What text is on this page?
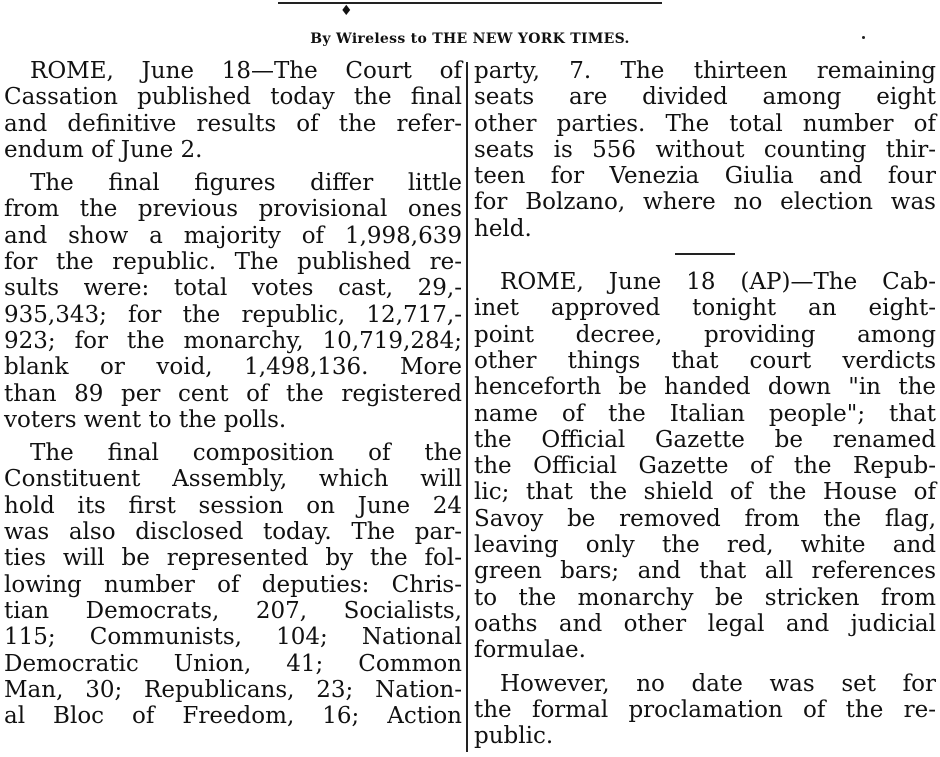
♦
By Wireless to THE NEW YORK TIMES.
ROME, June 18—The Court of
Cassation published today the final
and definitive results of the refer-
endum of June 2.
The final figures differ little
from the previous provisional ones
and show a majority of 1,998,639
for the republic. The published re-
sults were: total votes cast, 29,-
935,343; for the republic, 12,717,-
923; for the monarchy, 10,719,284;
blank or void, 1,498,136. More
than 89 per cent of the registered
voters went to the polls.
The final composition of the
Constituent Assembly, which will
hold its first session on June 24
was also disclosed today. The par-
ties will be represented by the fol-
lowing number of deputies: Chris-
tian Democrats, 207, Socialists,
115; Communists, 104; National
Democratic Union, 41; Common
Man, 30; Republicans, 23; Nation-
al Bloc of Freedom, 16; Action
party, 7. The thirteen remaining
seats are divided among eight
other parties. The total number of
seats is 556 without counting thir-
teen for Venezia Giulia and four
for Bolzano, where no election was
held.
ROME, June 18 (AP)—The Cab-
inet approved tonight an eight-
point decree, providing among
other things that court verdicts
henceforth be handed down "in the
name of the Italian people"; that
the Official Gazette be renamed
the Official Gazette of the Repub-
lic; that the shield of the House of
Savoy be removed from the flag,
leaving only the red, white and
green bars; and that all references
to the monarchy be stricken from
oaths and other legal and judicial
formulae.
However, no date was set for
the formal proclamation of the re-
public.
